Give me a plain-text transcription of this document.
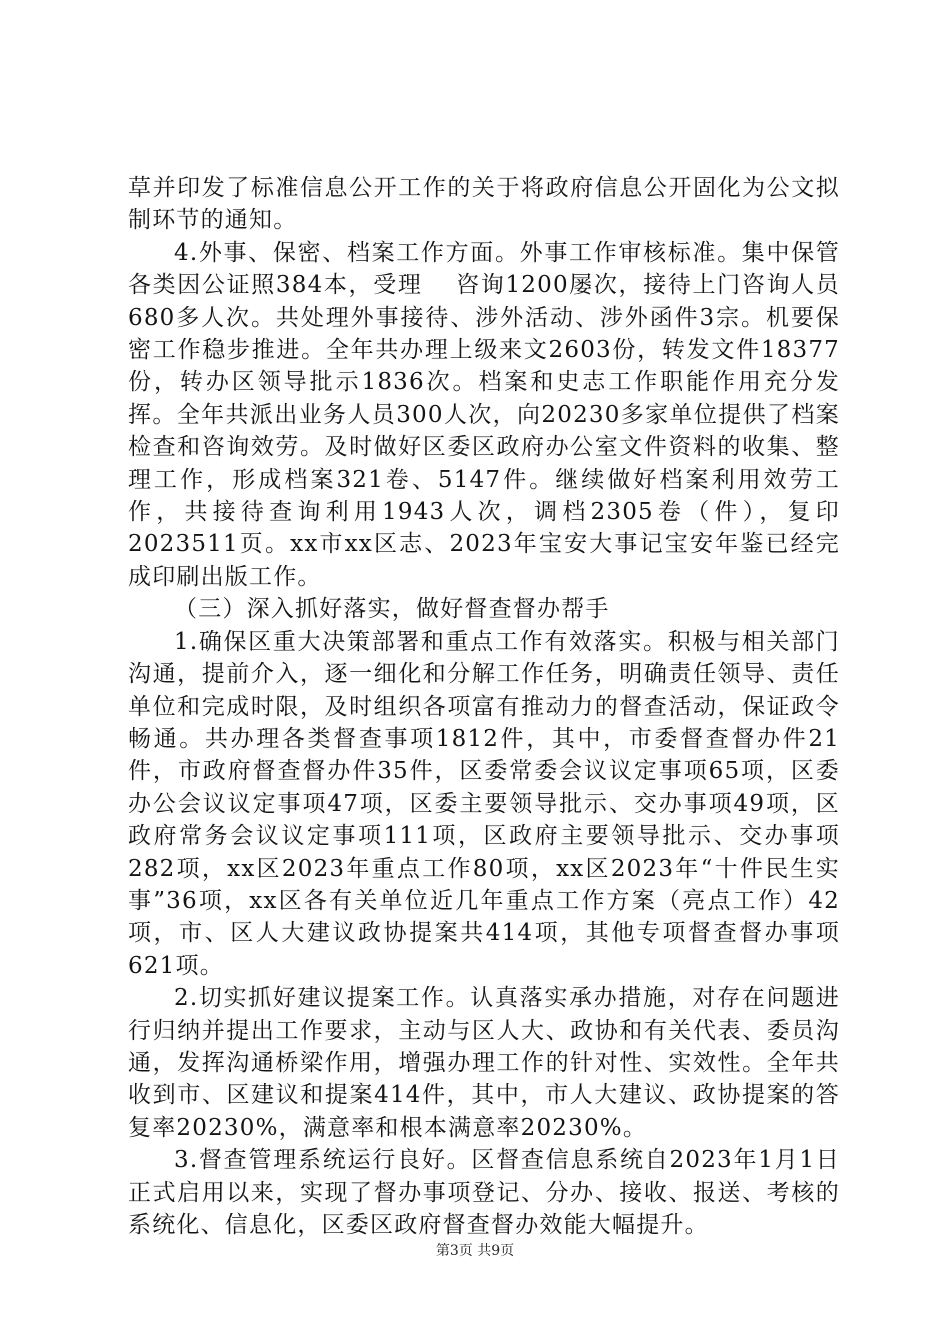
草并印发了标准信息公开工作的关于将政府信息公开固化为公文拟制环节的通知。

4.外事、保密、档案工作方面。外事工作审核标准。集中保管各类因公证照384本，受理　 咨询1200屡次，接待上门咨询人员680多人次。共处理外事接待、涉外活动、涉外函件3宗。机要保密工作稳步推进。全年共办理上级来文2603份，转发文件18377份，转办区领导批示1836次。档案和史志工作职能作用充分发挥。全年共派出业务人员300人次，向20230多家单位提供了档案检查和咨询效劳。及时做好区委区政府办公室文件资料的收集、整理工作，形成档案321卷、5147件。继续做好档案利用效劳工作，共接待查询利用1943人次，调档2305卷（件），复印2023511页。xx市xx区志、2023年宝安大事记宝安年鉴已经完成印刷出版工作。

（三）深入抓好落实，做好督查督办帮手

1.确保区重大决策部署和重点工作有效落实。积极与相关部门沟通，提前介入，逐一细化和分解工作任务，明确责任领导、责任单位和完成时限，及时组织各项富有推动力的督查活动，保证政令畅通。共办理各类督查事项1812件，其中，市委督查督办件21件，市政府督查督办件35件，区委常委会议议定事项65项，区委办公会议议定事项47项，区委主要领导批示、交办事项49项，区政府常务会议议定事项111项，区政府主要领导批示、交办事项282项，xx区2023年重点工作80项，xx区2023年“十件民生实事”36项，xx区各有关单位近几年重点工作方案（亮点工作）42项，市、区人大建议政协提案共414项，其他专项督查督办事项621项。

2.切实抓好建议提案工作。认真落实承办措施，对存在问题进行归纳并提出工作要求，主动与区人大、政协和有关代表、委员沟通，发挥沟通桥梁作用，增强办理工作的针对性、实效性。全年共收到市、区建议和提案414件，其中，市人大建议、政协提案的答复率20230%，满意率和根本满意率20230%。

3.督查管理系统运行良好。区督查信息系统自2023年1月1日正式启用以来，实现了督办事项登记、分办、接收、报送、考核的系统化、信息化，区委区政府督查督办效能大幅提升。

第3页 共9页
